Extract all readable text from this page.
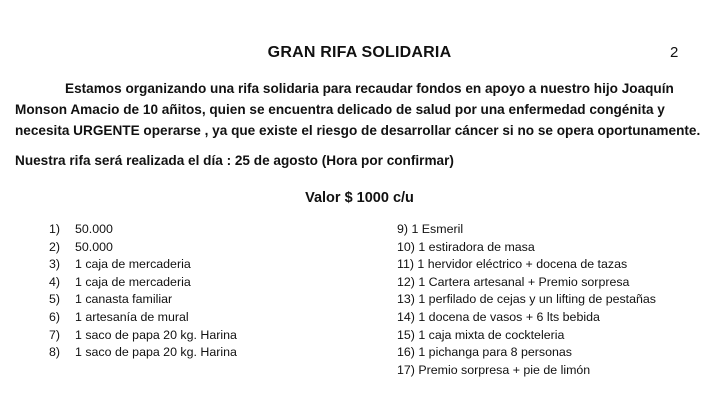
GRAN RIFA SOLIDARIA	2
Estamos organizando una rifa solidaria para recaudar fondos en apoyo a nuestro hijo Joaquín Monson Amacio de 10 añitos, quien se encuentra delicado de salud por una enfermedad congénita y necesita URGENTE operarse , ya que existe el riesgo de desarrollar cáncer si no se opera oportunamente.
Nuestra rifa será realizada el día : 25 de agosto (Hora por confirmar)
Valor $ 1000 c/u
1) 50.000
2) 50.000
3) 1 caja de mercaderia
4) 1 caja de mercaderia
5) 1 canasta familiar
6) 1 artesanía de mural
7) 1 saco de papa 20 kg. Harina
8) 1 saco de papa 20 kg. Harina
9) 1 Esmeril
10) 1 estiradora de masa
11) 1 hervidor eléctrico + docena de tazas
12) 1 Cartera artesanal + Premio sorpresa
13) 1 perfilado de cejas y un lifting de pestañas
14) 1 docena de vasos + 6 lts bebida
15) 1 caja mixta de cockteleria
16) 1 pichanga para 8 personas
17) Premio sorpresa + pie de limón
